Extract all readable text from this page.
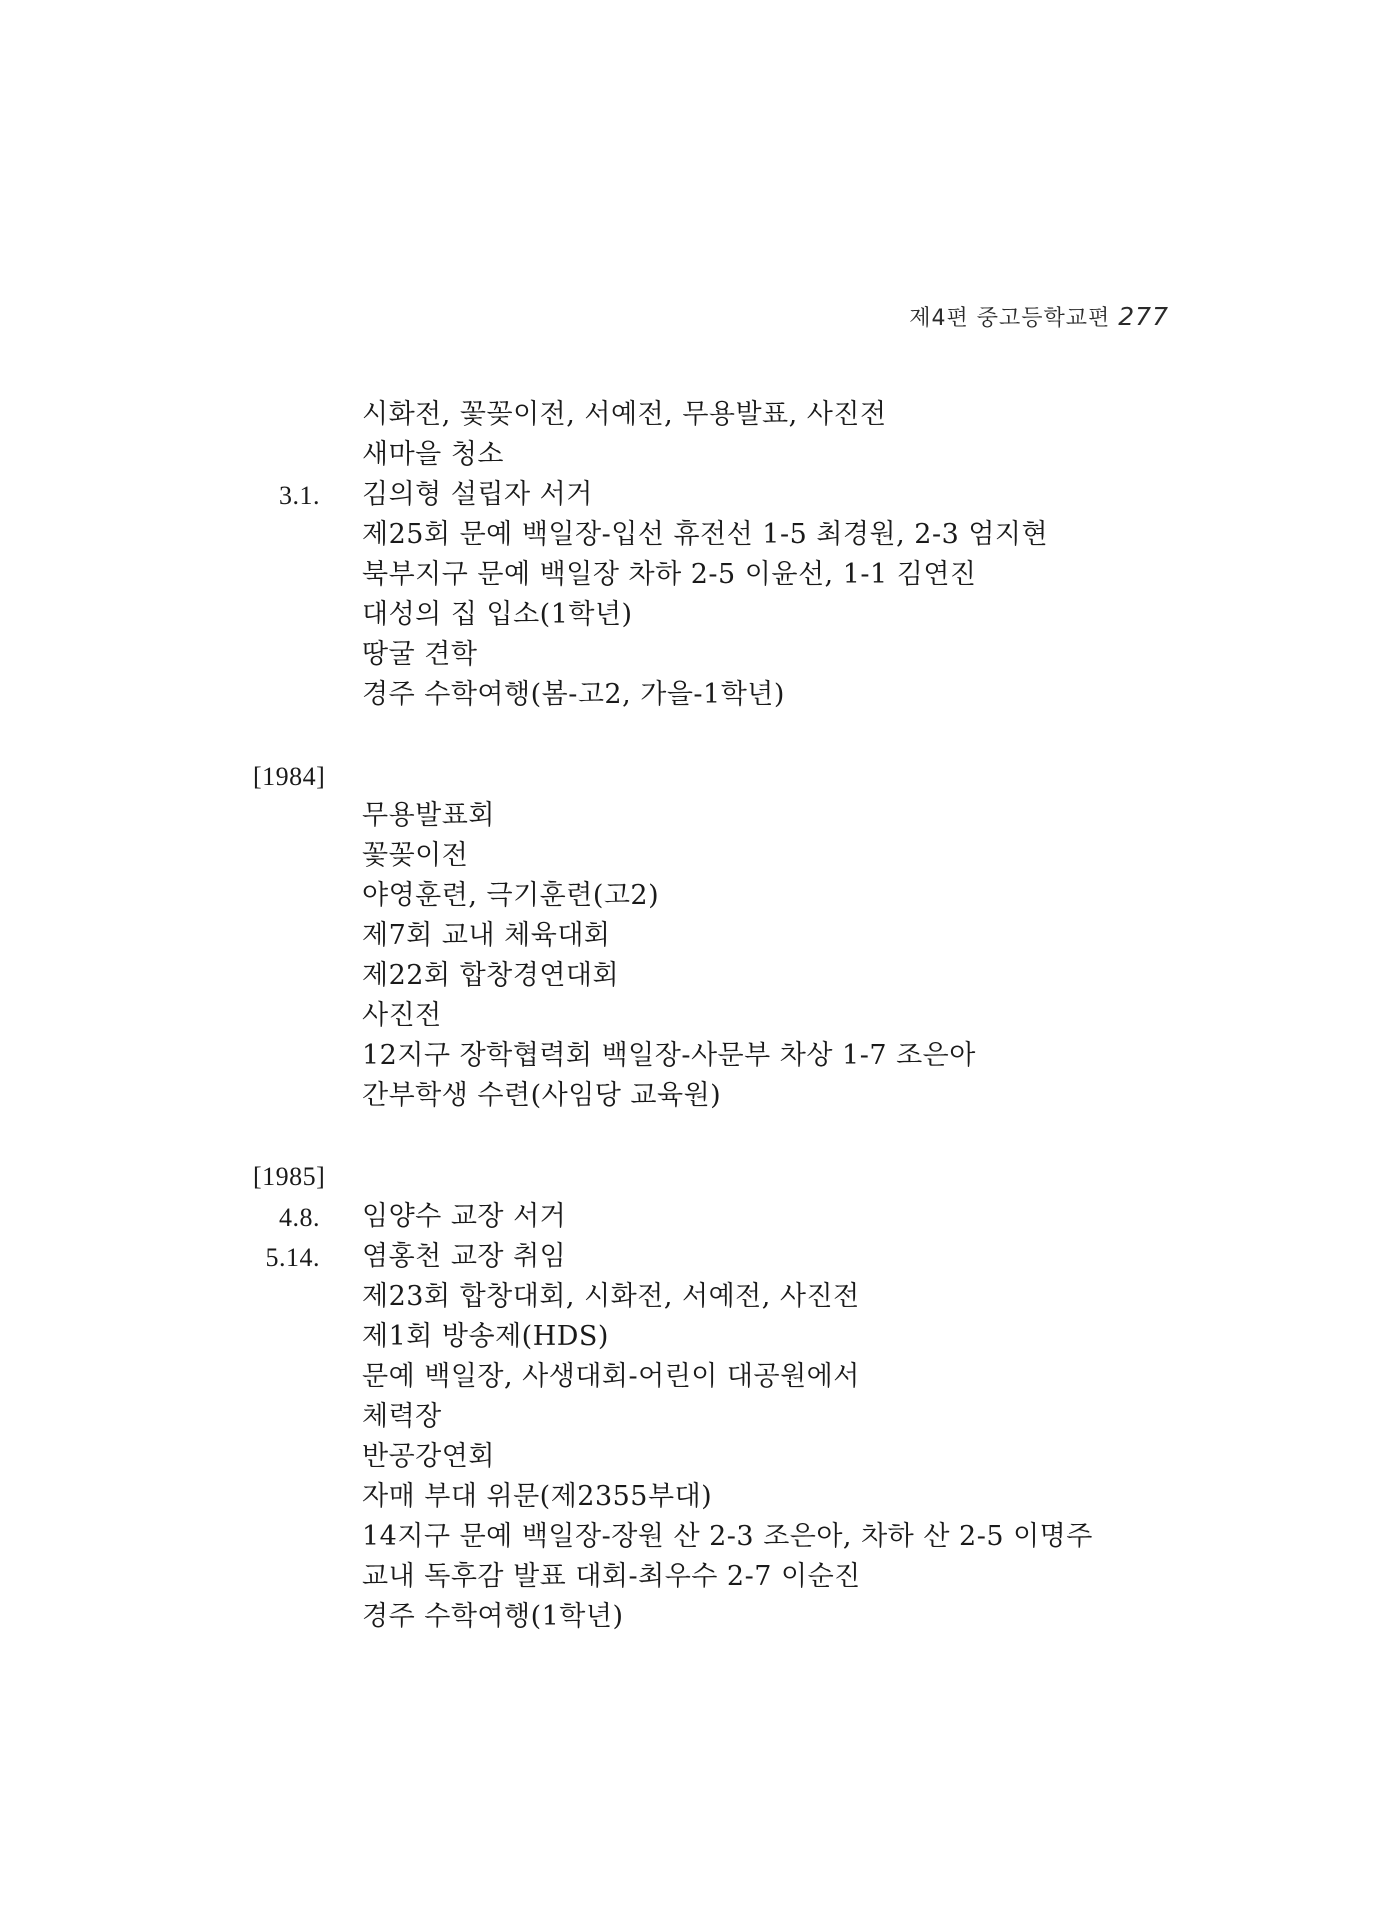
제4편 중고등학교편 277
시화전, 꽃꽂이전, 서예전, 무용발표, 사진전
새마을 청소
3.1. 김의형 설립자 서거
제25회 문예 백일장-입선 휴전선 1-5 최경원, 2-3 엄지현
북부지구 문예 백일장 차하 2-5 이윤선, 1-1 김연진
대성의 집 입소(1학년)
땅굴 견학
경주 수학여행(봄-고2, 가을-1학년)
[1984]
무용발표회
꽃꽂이전
야영훈련, 극기훈련(고2)
제7회 교내 체육대회
제22회 합창경연대회
사진전
12지구 장학협력회 백일장-사문부 차상 1-7 조은아
간부학생 수련(사임당 교육원)
[1985]
4.8. 임양수 교장 서거
5.14. 염홍천 교장 취임
제23회 합창대회, 시화전, 서예전, 사진전
제1회 방송제(HDS)
문예 백일장, 사생대회-어린이 대공원에서
체력장
반공강연회
자매 부대 위문(제2355부대)
14지구 문예 백일장-장원 산 2-3 조은아, 차하 산 2-5 이명주
교내 독후감 발표 대회-최우수 2-7 이순진
경주 수학여행(1학년)
